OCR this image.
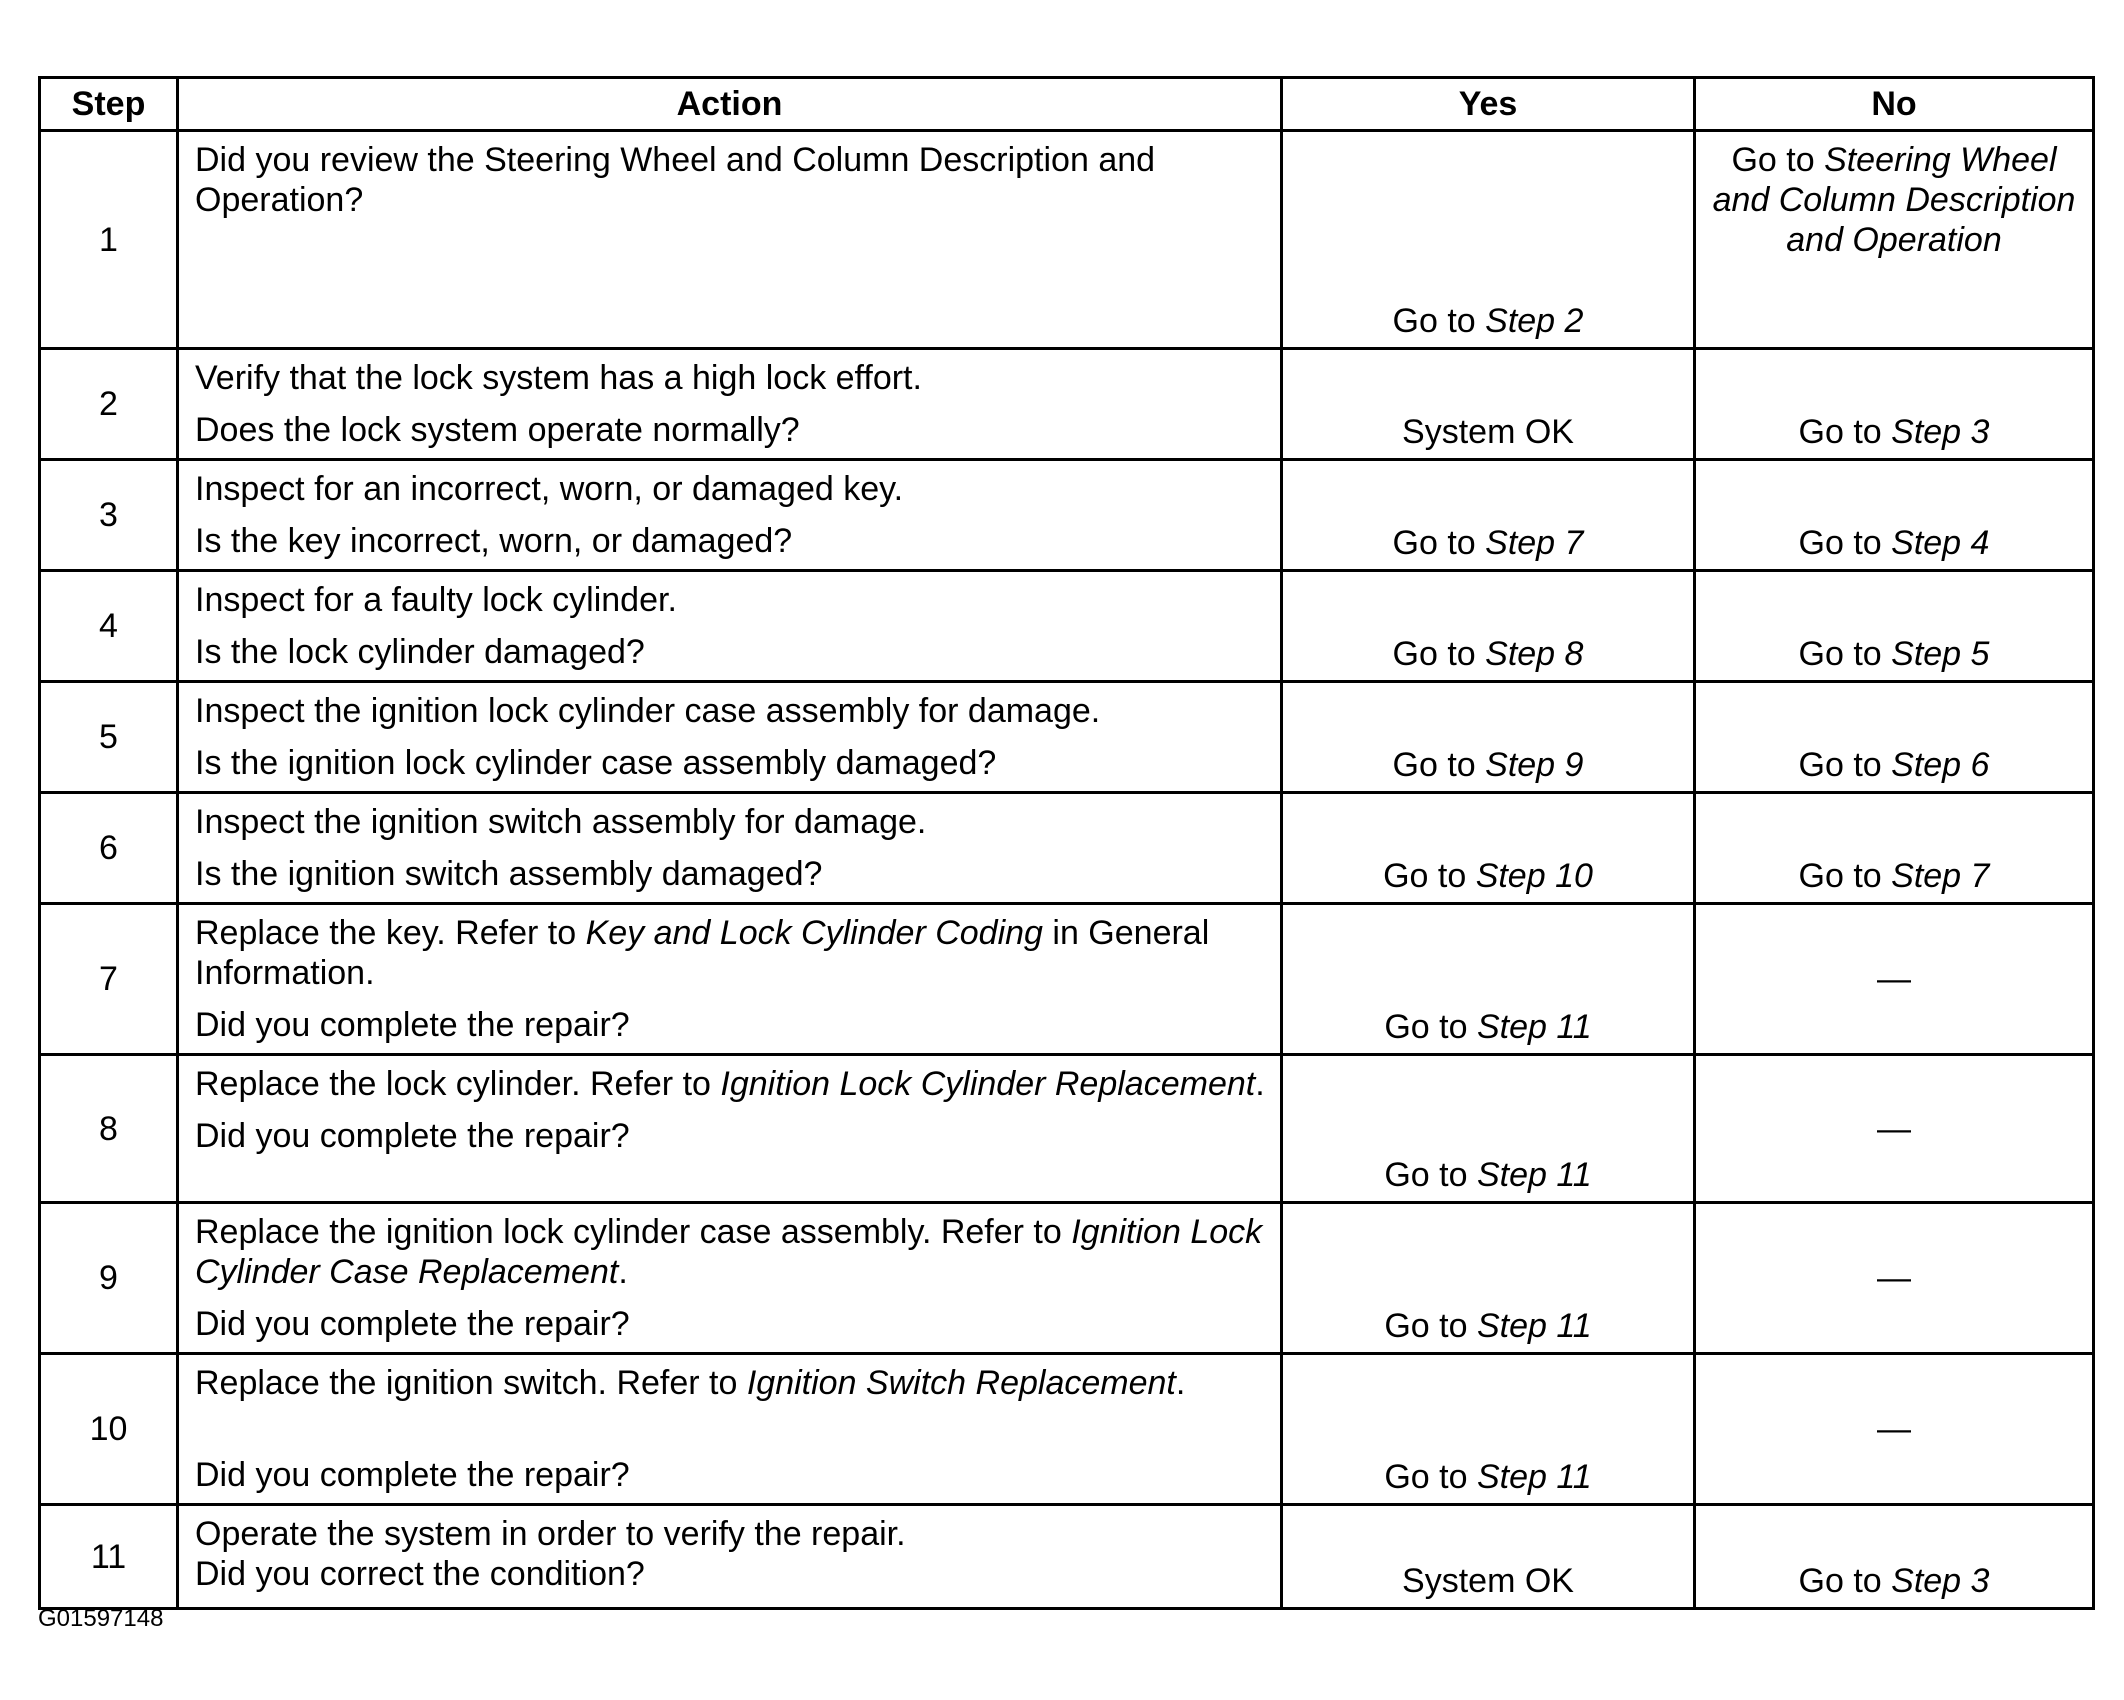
Step	Action	Yes	No
1	Did you review the Steering Wheel and Column Description and
Operation?	Go to Step 2	Go to Steering Wheel and Column Description and Operation
2	Verify that the lock system has a high lock effort.
Does the lock system operate normally?	System OK	Go to Step 3
3	Inspect for an incorrect, worn, or damaged key.
Is the key incorrect, worn, or damaged?	Go to Step 7	Go to Step 4
4	Inspect for a faulty lock cylinder.
Is the lock cylinder damaged?	Go to Step 8	Go to Step 5
5	Inspect the ignition lock cylinder case assembly for damage.
Is the ignition lock cylinder case assembly damaged?	Go to Step 9	Go to Step 6
6	Inspect the ignition switch assembly for damage.
Is the ignition switch assembly damaged?	Go to Step 10	Go to Step 7
7	Replace the key. Refer to Key and Lock Cylinder Coding in General Information.
Did you complete the repair?	Go to Step 11	—
8	Replace the lock cylinder. Refer to Ignition Lock Cylinder Replacement.
Did you complete the repair?	Go to Step 11	—
9	Replace the ignition lock cylinder case assembly. Refer to Ignition Lock Cylinder Case Replacement.
Did you complete the repair?	Go to Step 11	—
10	Replace the ignition switch. Refer to Ignition Switch Replacement.
Did you complete the repair?	Go to Step 11	—
11	Operate the system in order to verify the repair.
Did you correct the condition?	System OK	Go to Step 3
G01597148
